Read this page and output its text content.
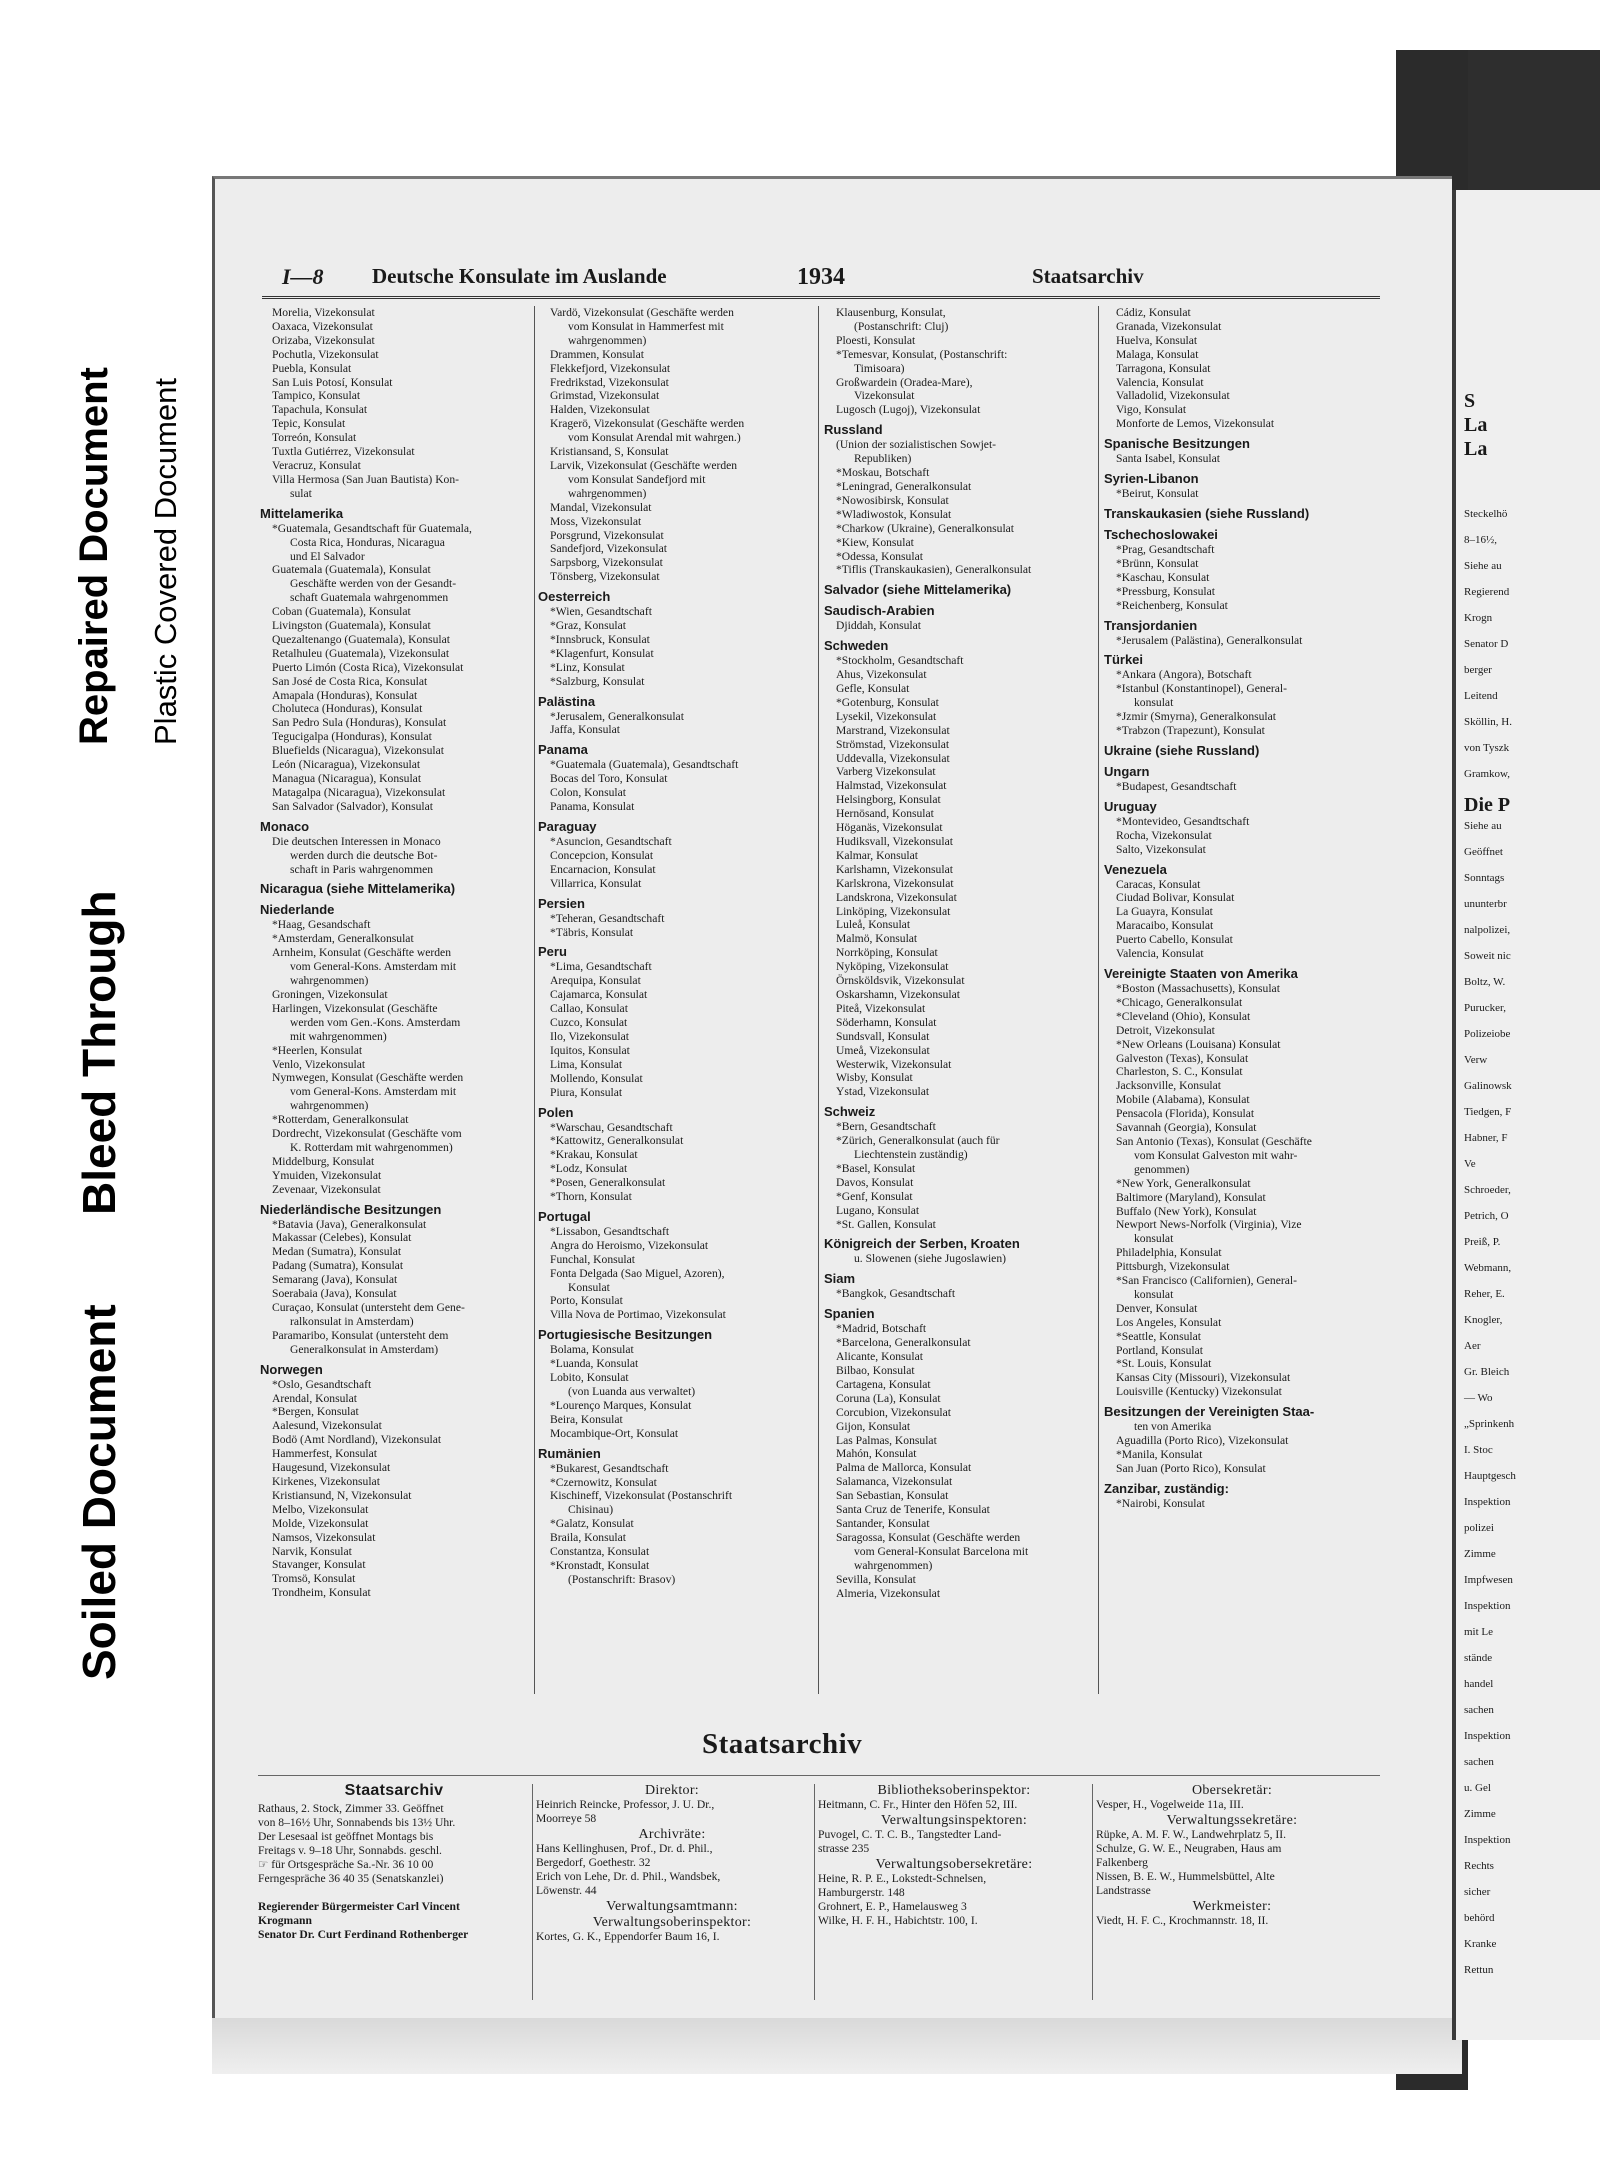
Soiled Document
Bleed Through
Repaired Document Plastic Covered Document	S
La
La
Steckelhö
8–16½,
Siehe au
Regierend
Krogn
Senator D
berger
Leitend
Sköllin, H.
von Tyszk
Gramkow,
Die P
Siehe au
Geöffnet
Sonntags
ununterbr
nalpolizei,
Soweit nic
Boltz, W.
Purucker,
Polizeiobe
Verw
Galinowsk
Tiedgen, F
Habner, F
Ve
Schroeder,
Petrich, O
Preiß, P.
Webmann,
Reher, E.
Knogler,
Aer
Gr. Bleich
— Wo
„Sprinkenh
I. Stoc
Hauptgesch
Inspektion
polizei
Zimme
Impfwesen
Inspektion
mit Le
stände
handel
sachen
Inspektion
sachen
u. Gel
Zimme
Inspektion
Rechts
sicher
behörd
Kranke
Rettun
I—8 Deutsche Konsulate im Auslande	1934	Staatsarchiv
Morelia, Vizekonsulat
Oaxaca, Vizekonsulat
Orizaba, Vizekonsulat
Pochutla, Vizekonsulat
Puebla, Konsulat
San Luis Potosí, Konsulat
Tampico, Konsulat
Tapachula, Konsulat
Tepic, Konsulat
Torreón, Konsulat
Tuxtla Gutiérrez, Vizekonsulat
Veracruz, Konsulat
Villa Hermosa (San Juan Bautista) Kon-
sulat
Mittelamerika
*Guatemala, Gesandtschaft für Guatemala,
Costa Rica, Honduras, Nicaragua
und El Salvador
Guatemala (Guatemala), Konsulat
Geschäfte werden von der Gesandt-
schaft Guatemala wahrgenommen
Coban (Guatemala), Konsulat
Livingston (Guatemala), Konsulat
Quezaltenango (Guatemala), Konsulat
Retalhuleu (Guatemala), Vizekonsulat
Puerto Limón (Costa Rica), Vizekonsulat
San José de Costa Rica, Konsulat
Amapala (Honduras), Konsulat
Choluteca (Honduras), Konsulat
San Pedro Sula (Honduras), Konsulat
Tegucigalpa (Honduras), Konsulat
Bluefields (Nicaragua), Vizekonsulat
León (Nicaragua), Vizekonsulat
Managua (Nicaragua), Konsulat
Matagalpa (Nicaragua), Vizekonsulat
San Salvador (Salvador), Konsulat
Monaco
Die deutschen Interessen in Monaco
werden durch die deutsche Bot-
schaft in Paris wahrgenommen
Nicaragua (siehe Mittelamerika)
Niederlande
*Haag, Gesandschaft
*Amsterdam, Generalkonsulat
Arnheim, Konsulat (Geschäfte werden
vom General-Kons. Amsterdam mit
wahrgenommen)
Groningen, Vizekonsulat
Harlingen, Vizekonsulat (Geschäfte
werden vom Gen.-Kons. Amsterdam
mit wahrgenommen)
*Heerlen, Konsulat
Venlo, Vizekonsulat
Nymwegen, Konsulat (Geschäfte werden
vom General-Kons. Amsterdam mit
wahrgenommen)
*Rotterdam, Generalkonsulat
Dordrecht, Vizekonsulat (Geschäfte vom
K. Rotterdam mit wahrgenommen)
Middelburg, Konsulat
Ymuiden, Vizekonsulat
Zevenaar, Vizekonsulat
Niederländische Besitzungen
*Batavia (Java), Generalkonsulat
Makassar (Celebes), Konsulat
Medan (Sumatra), Konsulat
Padang (Sumatra), Konsulat
Semarang (Java), Konsulat
Soerabaia (Java), Konsulat
Curaçao, Konsulat (untersteht dem Gene-
ralkonsulat in Amsterdam)
Paramaribo, Konsulat (untersteht dem
Generalkonsulat in Amsterdam)
Norwegen
*Oslo, Gesandtschaft
Arendal, Konsulat
*Bergen, Konsulat
Aalesund, Vizekonsulat
Bodö (Amt Nordland), Vizekonsulat
Hammerfest, Konsulat
Haugesund, Vizekonsulat
Kirkenes, Vizekonsulat
Kristiansund, N, Vizekonsulat
Melbo, Vizekonsulat
Molde, Vizekonsulat
Namsos, Vizekonsulat
Narvik, Konsulat
Stavanger, Konsulat
Tromsö, Konsulat
Trondheim, Konsulat
Vardö, Vizekonsulat (Geschäfte werden
vom Konsulat in Hammerfest mit
wahrgenommen)
Drammen, Konsulat
Flekkefjord, Vizekonsulat
Fredrikstad, Vizekonsulat
Grimstad, Vizekonsulat
Halden, Vizekonsulat
Kragerö, Vizekonsulat (Geschäfte werden
vom Konsulat Arendal mit wahrgen.)
Kristiansand, S, Konsulat
Larvik, Vizekonsulat (Geschäfte werden
vom Konsulat Sandefjord mit
wahrgenommen)
Mandal, Vizekonsulat
Moss, Vizekonsulat
Porsgrund, Vizekonsulat
Sandefjord, Vizekonsulat
Sarpsborg, Vizekonsulat
Tönsberg, Vizekonsulat
Oesterreich
*Wien, Gesandtschaft
*Graz, Konsulat
*Innsbruck, Konsulat
*Klagenfurt, Konsulat
*Linz, Konsulat
*Salzburg, Konsulat
Palästina
*Jerusalem, Generalkonsulat
Jaffa, Konsulat
Panama
*Guatemala (Guatemala), Gesandtschaft
Bocas del Toro, Konsulat
Colon, Konsulat
Panama, Konsulat
Paraguay
*Asuncion, Gesandtschaft
Concepcion, Konsulat
Encarnacion, Konsulat
Villarrica, Konsulat
Persien
*Teheran, Gesandtschaft
*Täbris, Konsulat
Peru
*Lima, Gesandtschaft
Arequipa, Konsulat
Cajamarca, Konsulat
Callao, Konsulat
Cuzco, Konsulat
Ilo, Vizekonsulat
Iquitos, Konsulat
Lima, Konsulat
Mollendo, Konsulat
Piura, Konsulat
Polen
*Warschau, Gesandtschaft
*Kattowitz, Generalkonsulat
*Krakau, Konsulat
*Lodz, Konsulat
*Posen, Generalkonsulat
*Thorn, Konsulat
Portugal
*Lissabon, Gesandtschaft
Angra do Heroismo, Vizekonsulat
Funchal, Konsulat
Fonta Delgada (Sao Miguel, Azoren),
Konsulat
Porto, Konsulat
Villa Nova de Portimao, Vizekonsulat
Portugiesische Besitzungen
Bolama, Konsulat
*Luanda, Konsulat
Lobito, Konsulat
(von Luanda aus verwaltet)
*Lourenço Marques, Konsulat
Beira, Konsulat
Mocambique-Ort, Konsulat
Rumänien
*Bukarest, Gesandtschaft
*Czernowitz, Konsulat
Kischineff, Vizekonsulat (Postanschrift
Chisinau)
*Galatz, Konsulat
Braila, Konsulat
Constantza, Konsulat
*Kronstadt, Konsulat
(Postanschrift: Brasov)
Klausenburg, Konsulat,
(Postanschrift: Cluj)
Ploesti, Konsulat
*Temesvar, Konsulat, (Postanschrift:
Timisoara)
Großwardein (Oradea-Mare),
Vizekonsulat
Lugosch (Lugoj), Vizekonsulat
Russland
(Union der sozialistischen Sowjet-
Republiken)
*Moskau, Botschaft
*Leningrad, Generalkonsulat
*Nowosibirsk, Konsulat
*Wladiwostok, Konsulat
*Charkow (Ukraine), Generalkonsulat
*Kiew, Konsulat
*Odessa, Konsulat
*Tiflis (Transkaukasien), Generalkonsulat
Salvador (siehe Mittelamerika)
Saudisch-Arabien
Djiddah, Konsulat
Schweden
*Stockholm, Gesandtschaft
Ahus, Vizekonsulat
Gefle, Konsulat
*Gotenburg, Konsulat
Lysekil, Vizekonsulat
Marstrand, Vizekonsulat
Strömstad, Vizekonsulat
Uddevalla, Vizekonsulat
Varberg Vizekonsulat
Halmstad, Vizekonsulat
Helsingborg, Konsulat
Hernösand, Konsulat
Höganäs, Vizekonsulat
Hudiksvall, Vizekonsulat
Kalmar, Konsulat
Karlshamn, Vizekonsulat
Karlskrona, Vizekonsulat
Landskrona, Vizekonsulat
Linköping, Vizekonsulat
Luleå, Konsulat
Malmö, Konsulat
Norrköping, Konsulat
Nyköping, Vizekonsulat
Örnsköldsvik, Vizekonsulat
Oskarshamn, Vizekonsulat
Piteå, Vizekonsulat
Söderhamn, Konsulat
Sundsvall, Konsulat
Umeå, Vizekonsulat
Westerwik, Vizekonsulat
Wisby, Konsulat
Ystad, Vizekonsulat
Schweiz
*Bern, Gesandtschaft
*Zürich, Generalkonsulat (auch für
Liechtenstein zuständig)
*Basel, Konsulat
Davos, Konsulat
*Genf, Konsulat
Lugano, Konsulat
*St. Gallen, Konsulat
Königreich der Serben, Kroaten
u. Slowenen (siehe Jugoslawien)
Siam
*Bangkok, Gesandtschaft
Spanien
*Madrid, Botschaft
*Barcelona, Generalkonsulat
Alicante, Konsulat
Bilbao, Konsulat
Cartagena, Konsulat
Coruna (La), Konsulat
Corcubion, Vizekonsulat
Gijon, Konsulat
Las Palmas, Konsulat
Mahón, Konsulat
Palma de Mallorca, Konsulat
Salamanca, Vizekonsulat
San Sebastian, Konsulat
Santa Cruz de Tenerife, Konsulat
Santander, Konsulat
Saragossa, Konsulat (Geschäfte werden
vom General-Konsulat Barcelona mit
wahrgenommen)
Sevilla, Konsulat
Almeria, Vizekonsulat
Cádiz, Konsulat
Granada, Vizekonsulat
Huelva, Konsulat
Malaga, Konsulat
Tarragona, Konsulat
Valencia, Konsulat
Valladolid, Vizekonsulat
Vigo, Konsulat
Monforte de Lemos, Vizekonsulat
Spanische Besitzungen
Santa Isabel, Konsulat
Syrien-Libanon
*Beirut, Konsulat
Transkaukasien (siehe Russland)
Tschechoslowakei
*Prag, Gesandtschaft
*Brünn, Konsulat
*Kaschau, Konsulat
*Pressburg, Konsulat
*Reichenberg, Konsulat
Transjordanien
*Jerusalem (Palästina), Generalkonsulat
Türkei
*Ankara (Angora), Botschaft
*Istanbul (Konstantinopel), General-
konsulat
*Jzmir (Smyrna), Generalkonsulat
*Trabzon (Trapezunt), Konsulat
Ukraine (siehe Russland)
Ungarn
*Budapest, Gesandtschaft
Uruguay
*Montevideo, Gesandtschaft
Rocha, Vizekonsulat
Salto, Vizekonsulat
Venezuela
Caracas, Konsulat
Ciudad Bolivar, Konsulat
La Guayra, Konsulat
Maracaibo, Konsulat
Puerto Cabello, Konsulat
Valencia, Konsulat
Vereinigte Staaten von Amerika
*Boston (Massachusetts), Konsulat
*Chicago, Generalkonsulat
*Cleveland (Ohio), Konsulat
Detroit, Vizekonsulat
*New Orleans (Louisana) Konsulat
Galveston (Texas), Konsulat
Charleston, S. C., Konsulat
Jacksonville, Konsulat
Mobile (Alabama), Konsulat
Pensacola (Florida), Konsulat
Savannah (Georgia), Konsulat
San Antonio (Texas), Konsulat (Geschäfte
vom Konsulat Galveston mit wahr-
genommen)
*New York, Generalkonsulat
Baltimore (Maryland), Konsulat
Buffalo (New York), Konsulat
Newport News-Norfolk (Virginia), Vize
konsulat
Philadelphia, Konsulat
Pittsburgh, Vizekonsulat
*San Francisco (Californien), General-
konsulat
Denver, Konsulat
Los Angeles, Konsulat
*Seattle, Konsulat
Portland, Konsulat
*St. Louis, Konsulat
Kansas City (Missouri), Vizekonsulat
Louisville (Kentucky) Vizekonsulat
Besitzungen der Vereinigten Staa-
ten von Amerika
Aguadilla (Porto Rico), Vizekonsulat
*Manila, Konsulat
San Juan (Porto Rico), Konsulat
Zanzibar, zuständig:
*Nairobi, Konsulat
Staatsarchiv
Staatsarchiv
Rathaus, 2. Stock, Zimmer 33. Geöffnet
von 8–16½ Uhr, Sonnabends bis 13½ Uhr.
Der Lesesaal ist geöffnet Montags bis
Freitags v. 9–18 Uhr, Sonnabds. geschl.
☞ für Ortsgespräche Sa.-Nr. 36 10 00
Ferngespräche 36 40 35 (Senatskanzlei)

Regierender Bürgermeister Carl Vincent
Krogmann
Senator Dr. Curt Ferdinand Rothenberger
Direktor:
Heinrich Reincke, Professor, J. U. Dr.,
Moorreye 58
Archivräte:
Hans Kellinghusen, Prof., Dr. d. Phil.,
Bergedorf, Goethestr. 32
Erich von Lehe, Dr. d. Phil., Wandsbek,
Löwenstr. 44
Verwaltungsamtmann:
Verwaltungsoberinspektor:
Kortes, G. K., Eppendorfer Baum 16, I.
Bibliotheksoberinspektor:
Heitmann, C. Fr., Hinter den Höfen 52, III.
Verwaltungsinspektoren:
Puvogel, C. T. C. B., Tangstedter Land-
strasse 235
Verwaltungsobersekretäre:
Heine, R. P. E., Lokstedt-Schnelsen,
Hamburgerstr. 148
Grohnert, E. P., Hamelausweg 3
Wilke, H. F. H., Habichtstr. 100, I.
Obersekretär:
Vesper, H., Vogelweide 11a, III.
Verwaltungssekretäre:
Rüpke, A. M. F. W., Landwehrplatz 5, II.
Schulze, G. W. E., Neugraben, Haus am
Falkenberg
Nissen, B. E. W., Hummelsbüttel, Alte
Landstrasse
Werkmeister:
Viedt, H. F. C., Krochmannstr. 18, II.
